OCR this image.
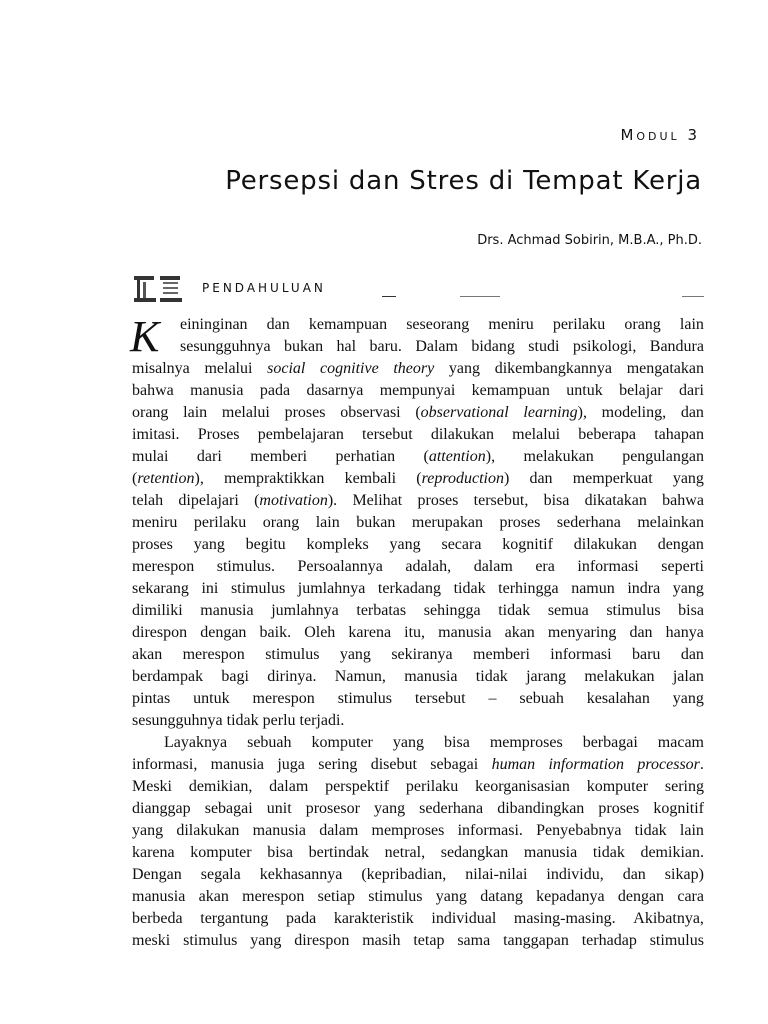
Modul 3
Persepsi dan Stres di Tempat Kerja
Drs. Achmad Sobirin, M.B.A., Ph.D.
PENDAHULUAN
K eininginan dan kemampuan seseorang meniru perilaku orang lain
sesungguhnya bukan hal baru. Dalam bidang studi psikologi, Bandura
misalnya melalui social cognitive theory yang dikembangkannya mengatakan
bahwa manusia pada dasarnya mempunyai kemampuan untuk belajar dari
orang lain melalui proses observasi (observational learning), modeling, dan
imitasi. Proses pembelajaran tersebut dilakukan melalui beberapa tahapan
mulai dari memberi perhatian (attention), melakukan pengulangan
(retention), mempraktikkan kembali (reproduction) dan memperkuat yang
telah dipelajari (motivation). Melihat proses tersebut, bisa dikatakan bahwa
meniru perilaku orang lain bukan merupakan proses sederhana melainkan
proses yang begitu kompleks yang secara kognitif dilakukan dengan
merespon stimulus. Persoalannya adalah, dalam era informasi seperti
sekarang ini stimulus jumlahnya terkadang tidak terhingga namun indra yang
dimiliki manusia jumlahnya terbatas sehingga tidak semua stimulus bisa
direspon dengan baik. Oleh karena itu, manusia akan menyaring dan hanya
akan merespon stimulus yang sekiranya memberi informasi baru dan
berdampak bagi dirinya. Namun, manusia tidak jarang melakukan jalan
pintas untuk merespon stimulus tersebut – sebuah kesalahan yang
sesungguhnya tidak perlu terjadi.
Layaknya sebuah komputer yang bisa memproses berbagai macam
informasi, manusia juga sering disebut sebagai human information processor.
Meski demikian, dalam perspektif perilaku keorganisasian komputer sering
dianggap sebagai unit prosesor yang sederhana dibandingkan proses kognitif
yang dilakukan manusia dalam memproses informasi. Penyebabnya tidak lain
karena komputer bisa bertindak netral, sedangkan manusia tidak demikian.
Dengan segala kekhasannya (kepribadian, nilai-nilai individu, dan sikap)
manusia akan merespon setiap stimulus yang datang kepadanya dengan cara
berbeda tergantung pada karakteristik individual masing-masing. Akibatnya,
meski stimulus yang direspon masih tetap sama tanggapan terhadap stimulus
